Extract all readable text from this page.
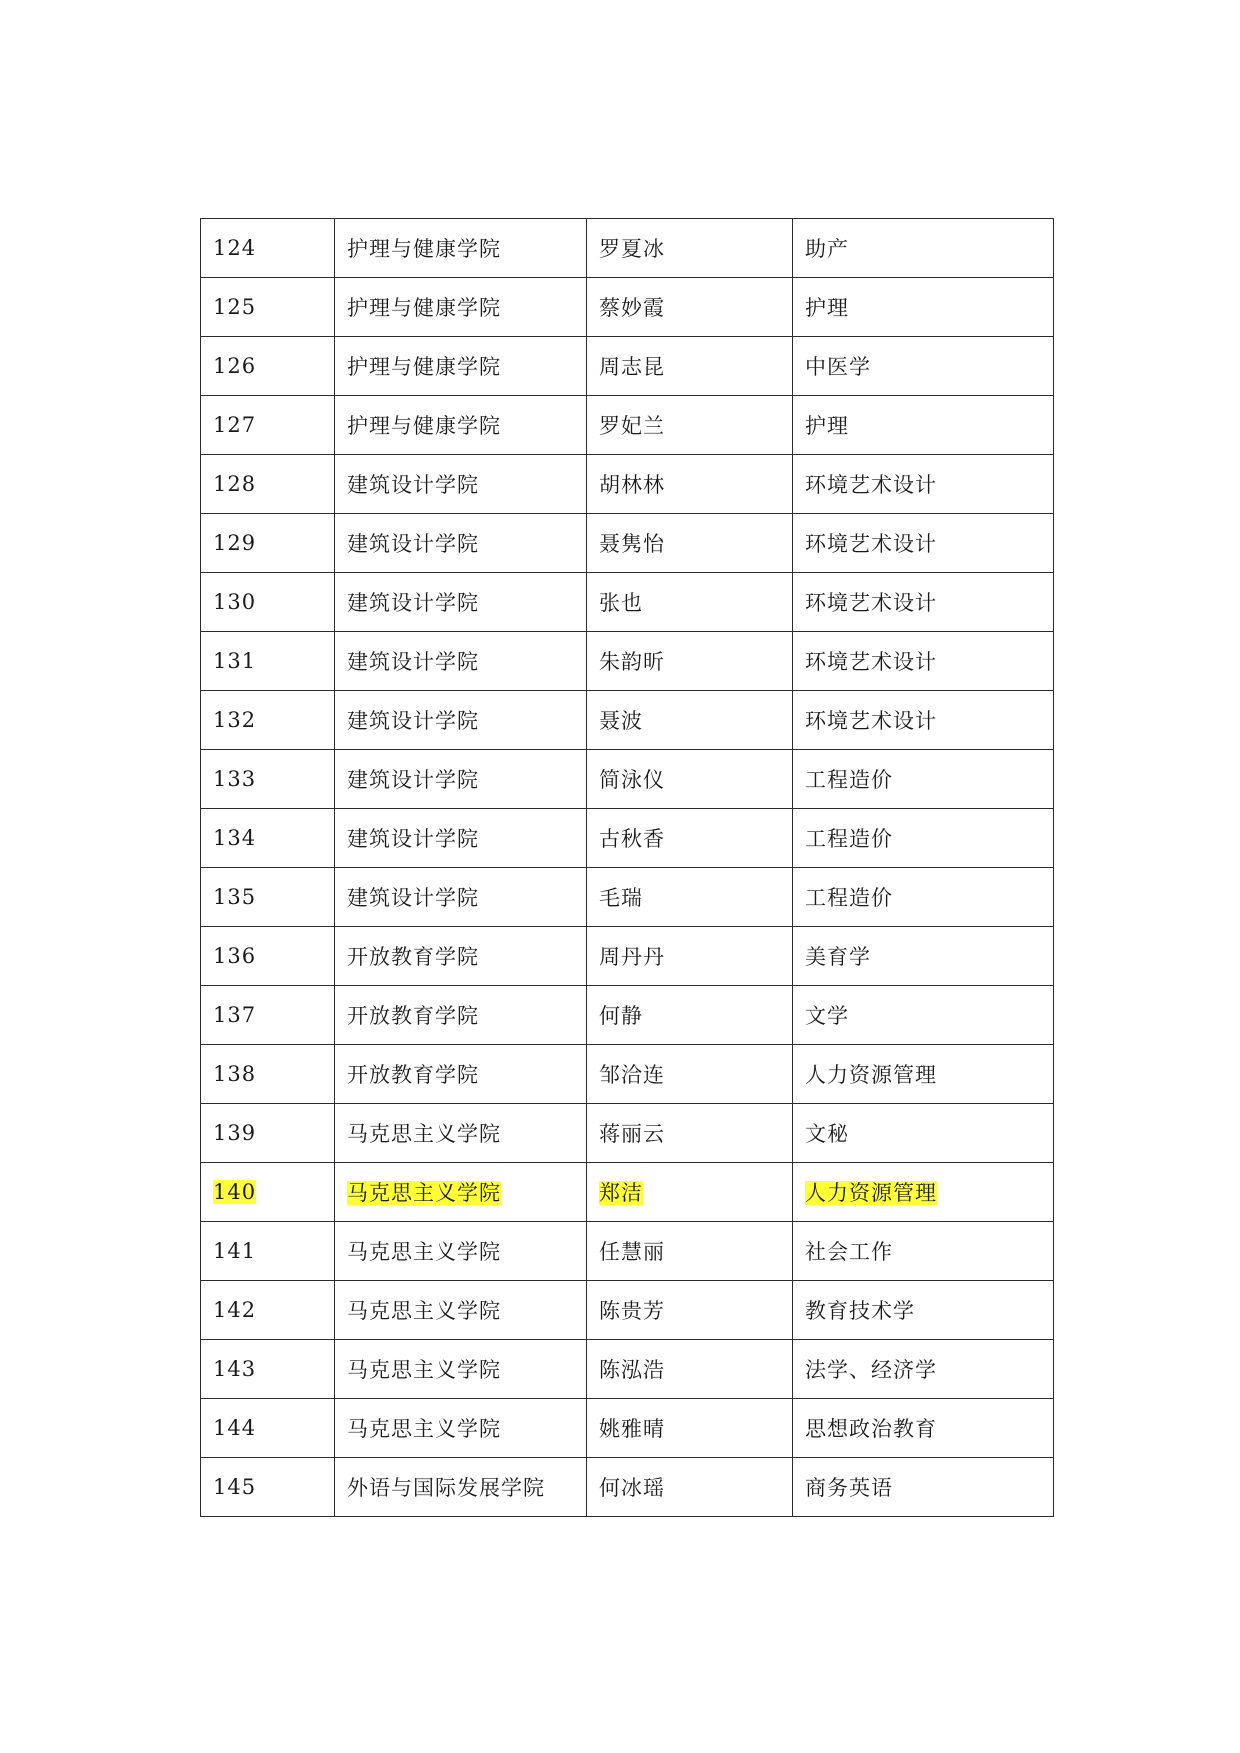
124	护理与健康学院	罗夏冰	助产
125	护理与健康学院	蔡妙霞	护理
126	护理与健康学院	周志昆	中医学
127	护理与健康学院	罗妃兰	护理
128	建筑设计学院	胡林林	环境艺术设计
129	建筑设计学院	聂隽怡	环境艺术设计
130	建筑设计学院	张也	环境艺术设计
131	建筑设计学院	朱韵昕	环境艺术设计
132	建筑设计学院	聂波	环境艺术设计
133	建筑设计学院	简泳仪	工程造价
134	建筑设计学院	古秋香	工程造价
135	建筑设计学院	毛瑞	工程造价
136	开放教育学院	周丹丹	美育学
137	开放教育学院	何静	文学
138	开放教育学院	邹洽连	人力资源管理
139	马克思主义学院	蒋丽云	文秘
140	马克思主义学院	郑洁	人力资源管理
141	马克思主义学院	任慧丽	社会工作
142	马克思主义学院	陈贵芳	教育技术学
143	马克思主义学院	陈泓浩	法学、经济学
144	马克思主义学院	姚雅晴	思想政治教育
145	外语与国际发展学院	何冰瑶	商务英语
